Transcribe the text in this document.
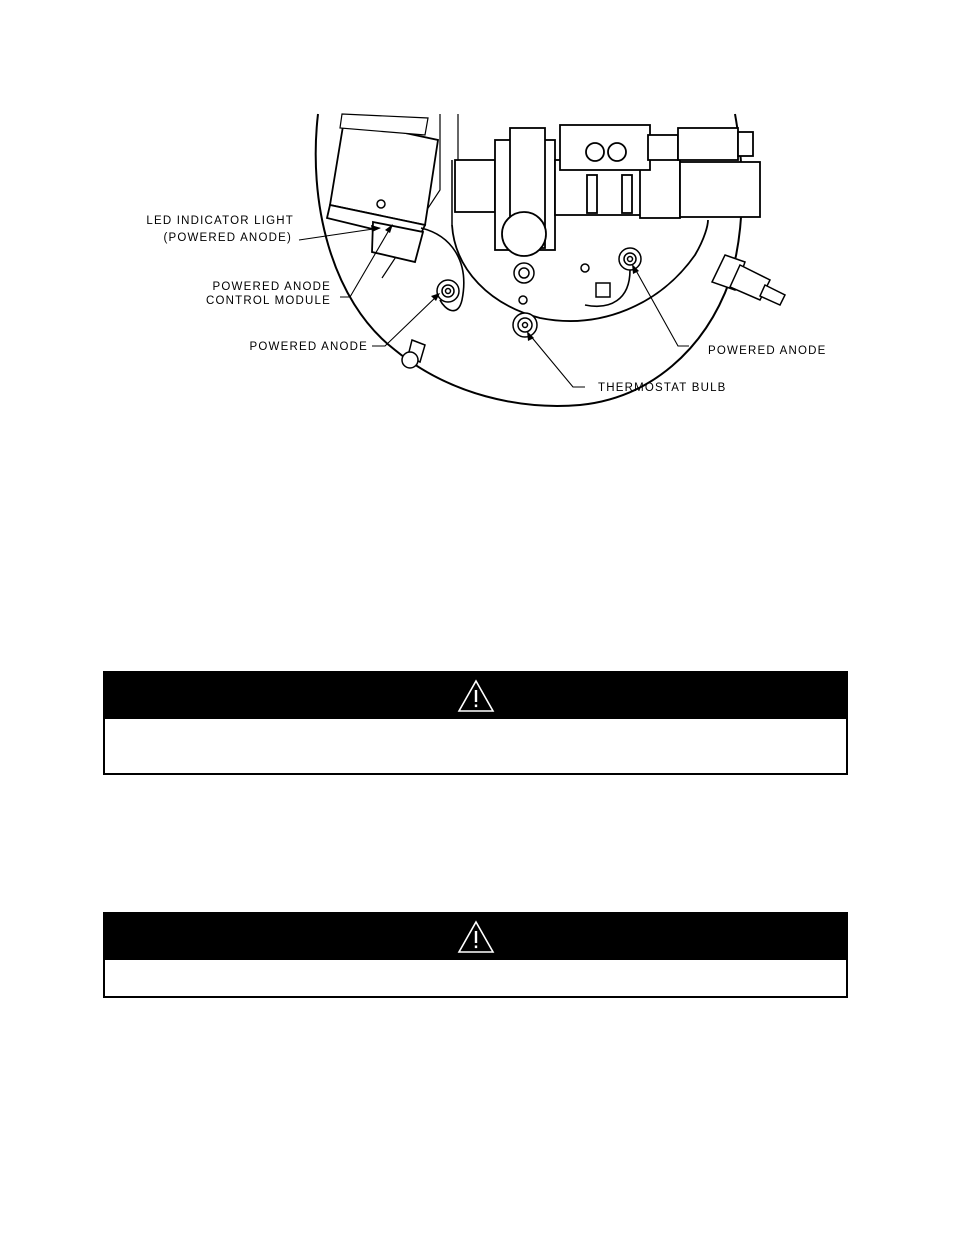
LED INDICATOR LIGHT
(POWERED ANODE)
POWERED ANODE
CONTROL MODULE
POWERED ANODE	POWERED ANODE
THERMOSTAT BULB
